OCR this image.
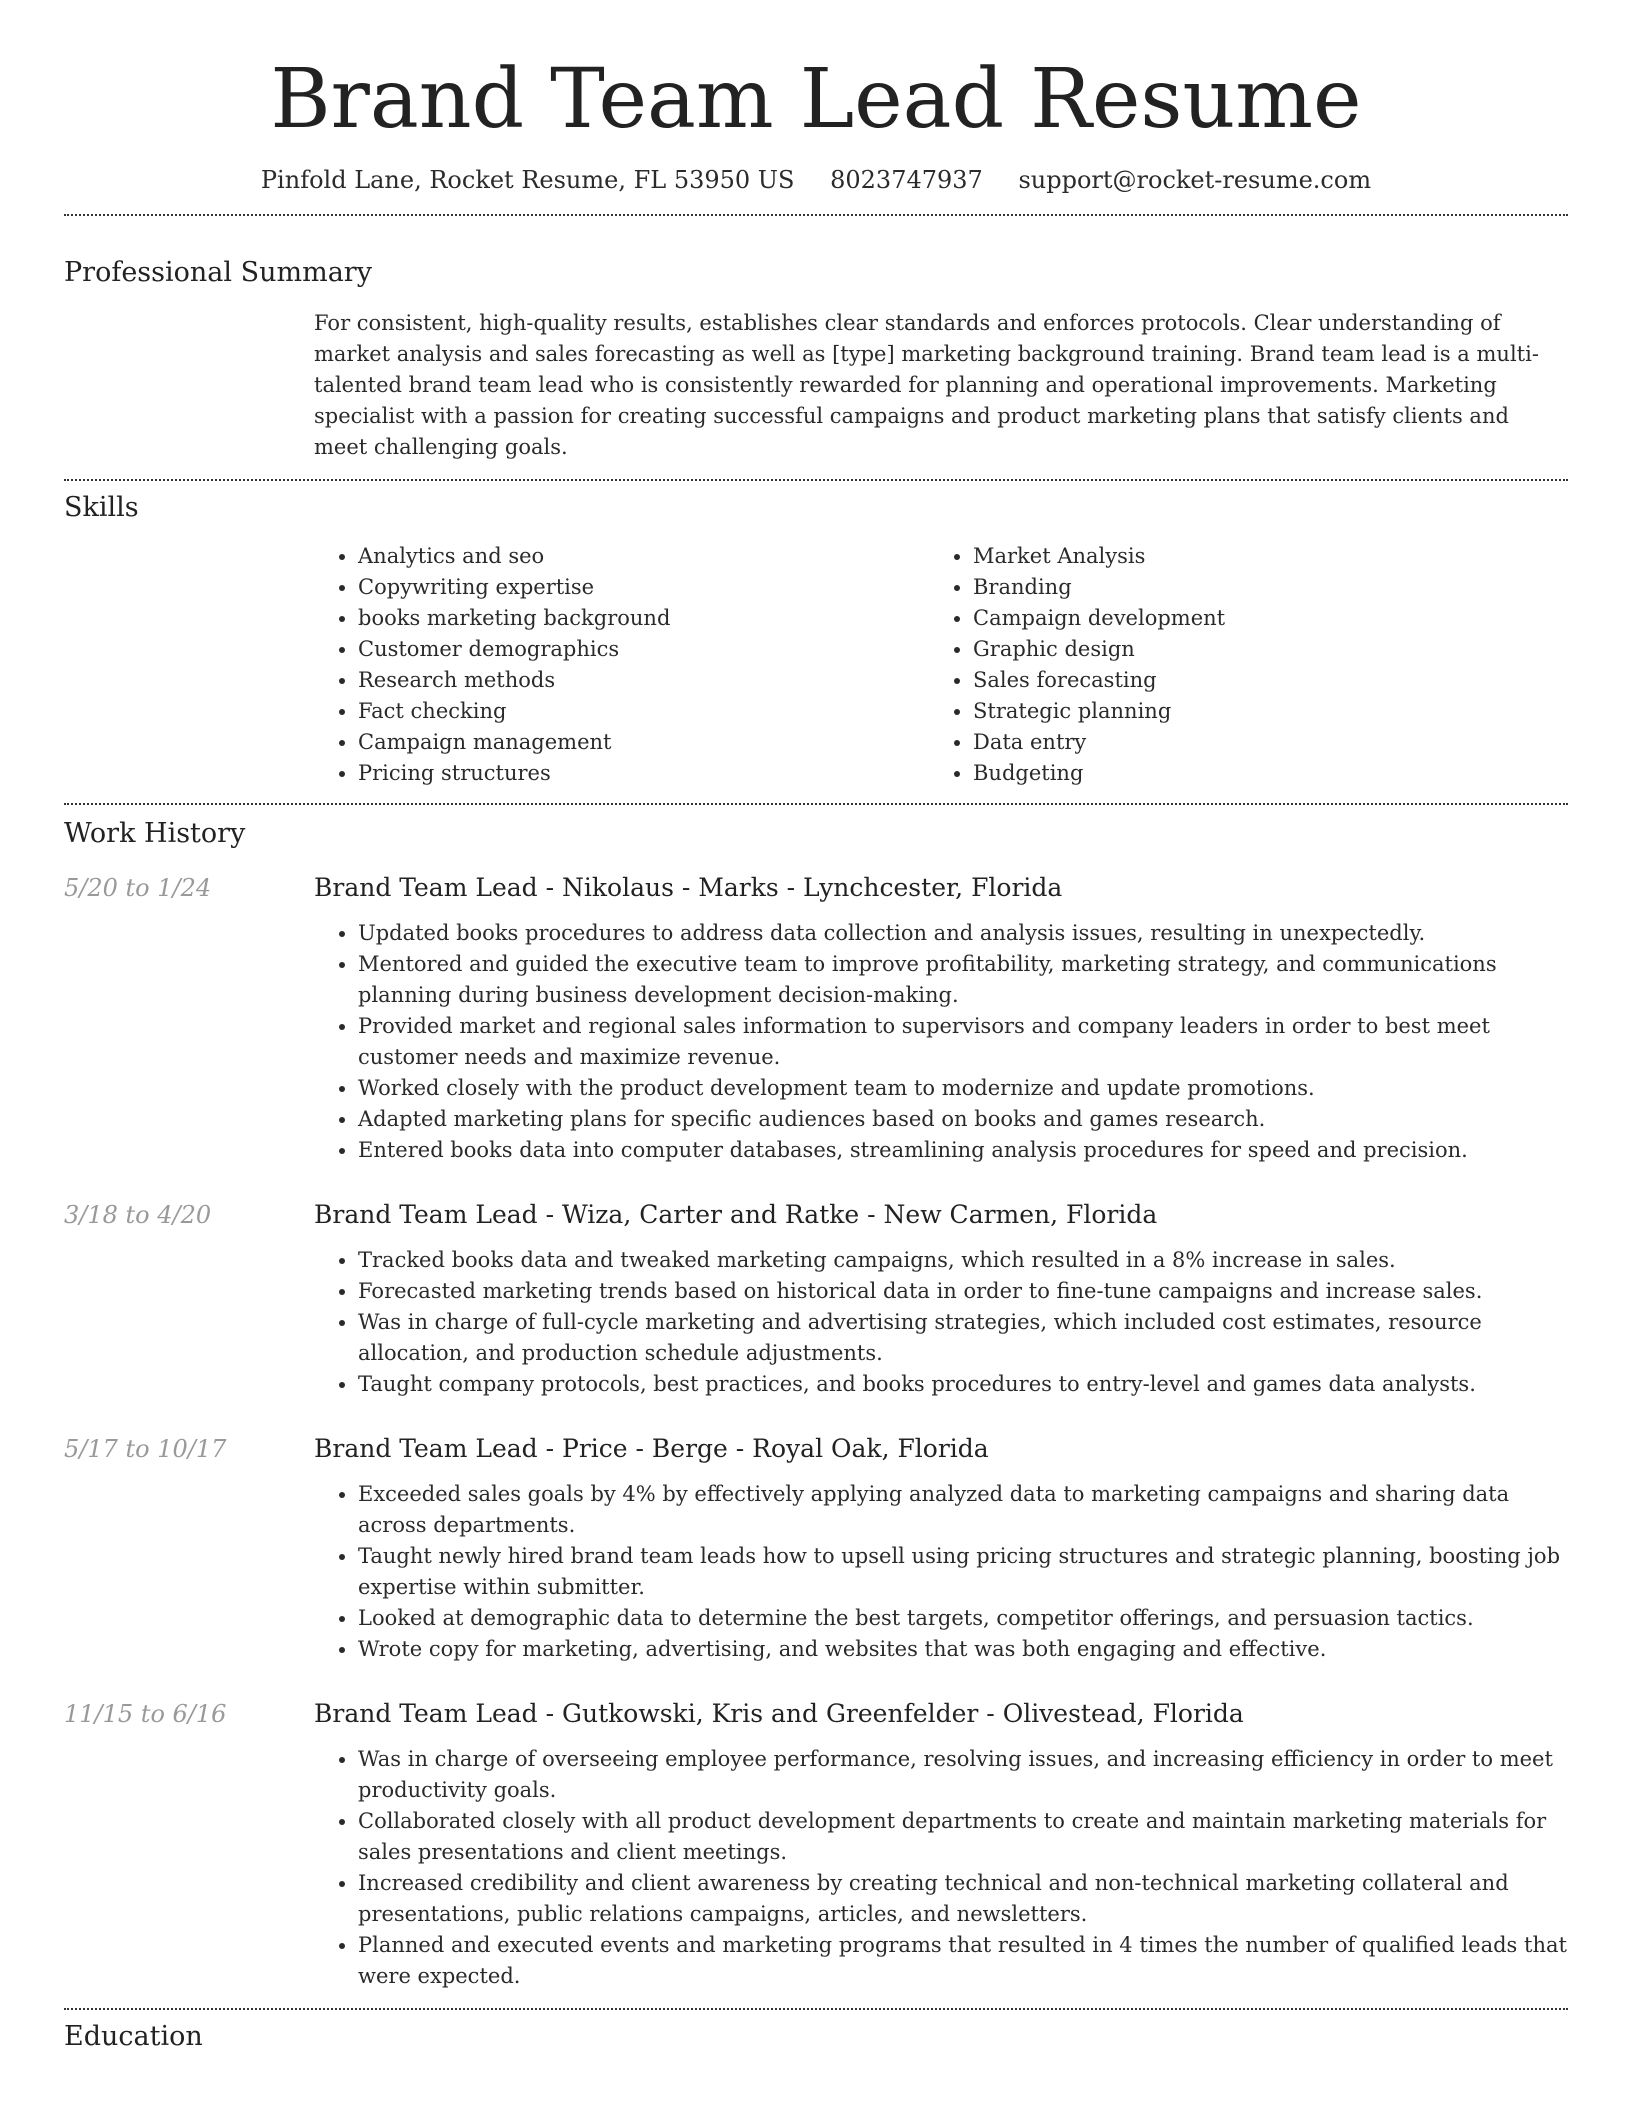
Brand Team Lead Resume
Pinfold Lane, Rocket Resume, FL 53950 US 8023747937 support@rocket-resume.com
Professional Summary

For consistent, high-quality results, establishes clear standards and enforces protocols. Clear understanding of market analysis and sales forecasting as well as [type] marketing background training. Brand team lead is a multi-talented brand team lead who is consistently rewarded for planning and operational improvements. Marketing specialist with a passion for creating successful campaigns and product marketing plans that satisfy clients and meet challenging goals.

Skills
• Analytics and seo
• Copywriting expertise
• books marketing background
• Customer demographics
• Research methods
• Fact checking
• Campaign management
• Pricing structures
• Market Analysis
• Branding
• Campaign development
• Graphic design
• Sales forecasting
• Strategic planning
• Data entry
• Budgeting
Work History
5/20 to 1/24	Brand Team Lead - Nikolaus - Marks - Lynchcester, Florida
• Updated books procedures to address data collection and analysis issues, resulting in unexpectedly.
• Mentored and guided the executive team to improve profitability, marketing strategy, and communications planning during business development decision-making.
• Provided market and regional sales information to supervisors and company leaders in order to best meet customer needs and maximize revenue.
• Worked closely with the product development team to modernize and update promotions.
• Adapted marketing plans for specific audiences based on books and games research.
• Entered books data into computer databases, streamlining analysis procedures for speed and precision.
3/18 to 4/20	Brand Team Lead - Wiza, Carter and Ratke - New Carmen, Florida
• Tracked books data and tweaked marketing campaigns, which resulted in a 8% increase in sales.
• Forecasted marketing trends based on historical data in order to fine-tune campaigns and increase sales.
• Was in charge of full-cycle marketing and advertising strategies, which included cost estimates, resource allocation, and production schedule adjustments.
• Taught company protocols, best practices, and books procedures to entry-level and games data analysts.
5/17 to 10/17	Brand Team Lead - Price - Berge - Royal Oak, Florida
• Exceeded sales goals by 4% by effectively applying analyzed data to marketing campaigns and sharing data across departments.
• Taught newly hired brand team leads how to upsell using pricing structures and strategic planning, boosting job expertise within submitter.
• Looked at demographic data to determine the best targets, competitor offerings, and persuasion tactics.
• Wrote copy for marketing, advertising, and websites that was both engaging and effective.
11/15 to 6/16	Brand Team Lead - Gutkowski, Kris and Greenfelder - Olivestead, Florida
• Was in charge of overseeing employee performance, resolving issues, and increasing efficiency in order to meet productivity goals.
• Collaborated closely with all product development departments to create and maintain marketing materials for sales presentations and client meetings.
• Increased credibility and client awareness by creating technical and non-technical marketing collateral and presentations, public relations campaigns, articles, and newsletters.
• Planned and executed events and marketing programs that resulted in 4 times the number of qualified leads that were expected.
Education
